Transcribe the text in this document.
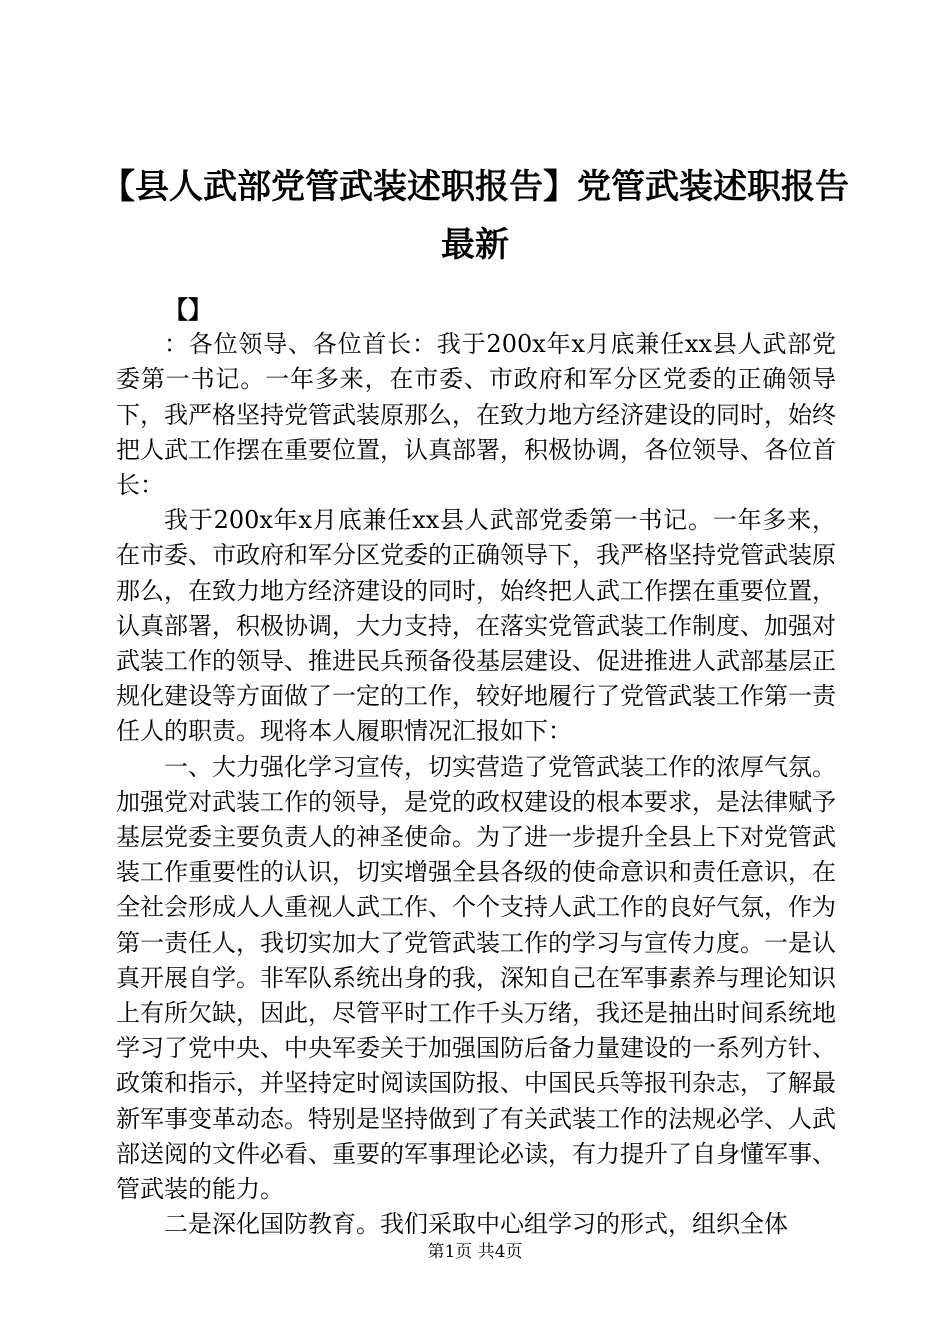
【县人武部党管武装述职报告】党管武装述职报告最新

【】

：各位领导、各位首长：我于200x年x月底兼任xx县人武部党委第一书记。一年多来，在市委、市政府和军分区党委的正确领导下，我严格坚持党管武装原那么，在致力地方经济建设的同时，始终把人武工作摆在重要位置，认真部署，积极协调，各位领导、各位首长：

我于200x年x月底兼任xx县人武部党委第一书记。一年多来，在市委、市政府和军分区党委的正确领导下，我严格坚持党管武装原那么，在致力地方经济建设的同时，始终把人武工作摆在重要位置，认真部署，积极协调，大力支持，在落实党管武装工作制度、加强对武装工作的领导、推进民兵预备役基层建设、促进推进人武部基层正规化建设等方面做了一定的工作，较好地履行了党管武装工作第一责任人的职责。现将本人履职情况汇报如下：

一、大力强化学习宣传，切实营造了党管武装工作的浓厚气氛。加强党对武装工作的领导，是党的政权建设的根本要求，是法律赋予基层党委主要负责人的神圣使命。为了进一步提升全县上下对党管武装工作重要性的认识，切实增强全县各级的使命意识和责任意识，在全社会形成人人重视人武工作、个个支持人武工作的良好气氛，作为第一责任人，我切实加大了党管武装工作的学习与宣传力度。一是认真开展自学。非军队系统出身的我，深知自己在军事素养与理论知识上有所欠缺，因此，尽管平时工作千头万绪，我还是抽出时间系统地学习了党中央、中央军委关于加强国防后备力量建设的一系列方针、政策和指示，并坚持定时阅读国防报、中国民兵等报刊杂志，了解最新军事变革动态。特别是坚持做到了有关武装工作的法规必学、人武部送阅的文件必看、重要的军事理论必读，有力提升了自身懂军事、管武装的能力。

二是深化国防教育。我们采取中心组学习的形式，组织全体

第1页 共4页
